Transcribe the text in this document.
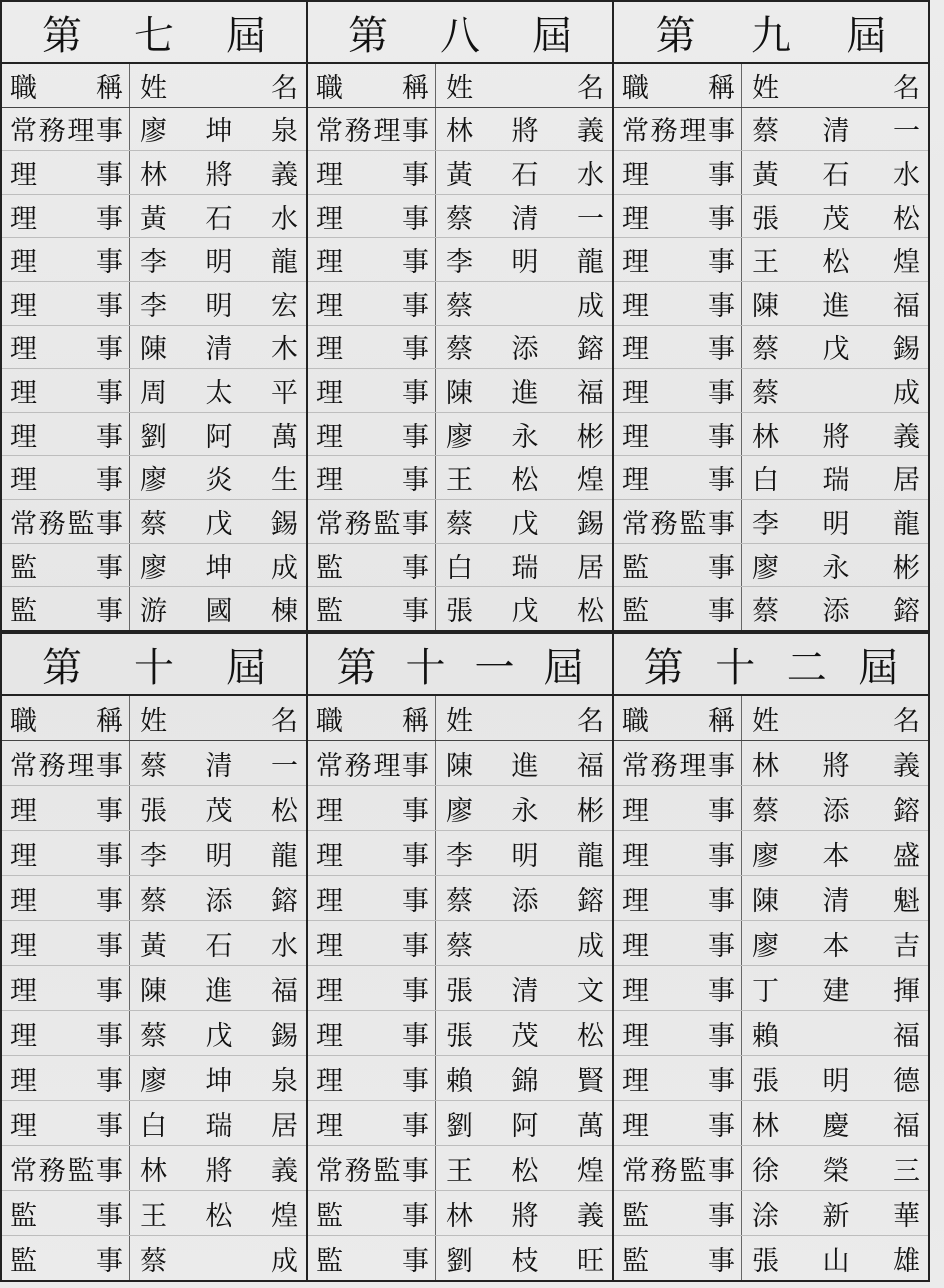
第 七 屆
職 稱 姓	名
常 務 理 事 廖 坤 泉
理 事 林 將 義
理 事 黃 石 水
理 事 李 明 龍
理 事 李 明 宏
理 事 陳 清 木
理 事 周 太 平
理 事 劉 阿 萬
理 事 廖 炎 生
常 務 監 事 蔡 戊 錫
監 事 廖 坤 成
監 事 游 國 棟
第 八 屆
職 稱 姓	名
常 務 理 事 林 將 義
理 事 黃 石 水
理 事 蔡 清 一
理 事 李 明 龍
理 事 蔡	成
理 事 蔡 添 鎔
理 事 陳 進 福
理 事 廖 永 彬
理 事 王 松 煌
常 務 監 事 蔡 戊 錫
監 事 白 瑞 居
監 事 張 戊 松
第 九 屆
職 稱 姓	名
常 務 理 事 蔡 清 一
理 事 黃 石 水
理 事 張 茂 松
理 事 王 松 煌
理 事 陳 進 福
理 事 蔡 戊 錫
理 事 蔡	成
理 事 林 將 義
理 事 白 瑞 居
常 務 監 事 李 明 龍
監 事 廖 永 彬
監 事 蔡 添 鎔
第 十 屆
職 稱 姓	名
常 務 理 事 蔡 清 一
理 事 張 茂 松
理 事 李 明 龍
理 事 蔡 添 鎔
理 事 黃 石 水
理 事 陳 進 福
理 事 蔡 戊 錫
理 事 廖 坤 泉
理 事 白 瑞 居
常 務 監 事 林 將 義
監 事 王 松 煌
監 事 蔡	成
第 十 一 屆
職 稱 姓	名
常 務 理 事 陳 進 福
理 事 廖 永 彬
理 事 李 明 龍
理 事 蔡 添 鎔
理 事 蔡	成
理 事 張 清 文
理 事 張 茂 松
理 事 賴 錦 賢
理 事 劉 阿 萬
常 務 監 事 王 松 煌
監 事 林 將 義
監 事 劉 枝 旺
第 十 二 屆
職 稱 姓	名
常 務 理 事 林 將 義
理 事 蔡 添 鎔
理 事 廖 本 盛
理 事 陳 清 魁
理 事 廖 本 吉
理 事 丁 建 揮
理 事 賴	福
理 事 張 明 德
理 事 林 慶 福
常 務 監 事 徐 榮 三
監 事 涂 新 華
監 事 張 山 雄
